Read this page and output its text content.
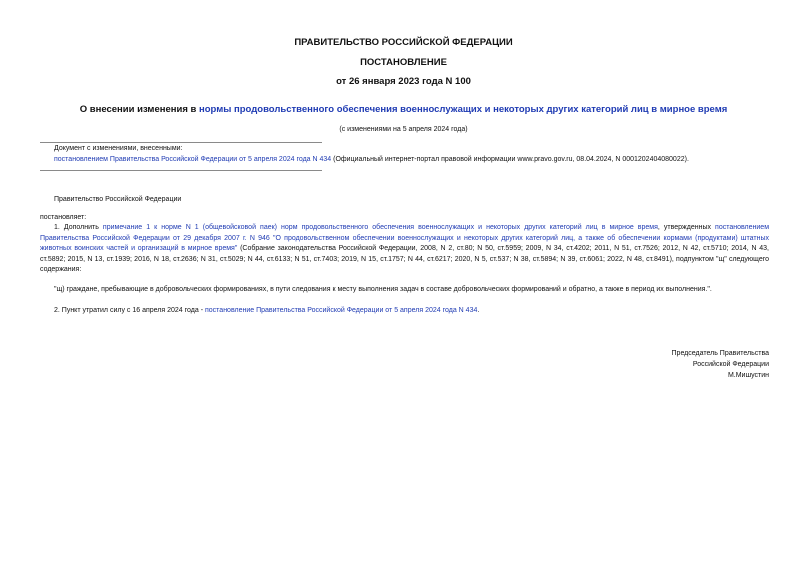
ПРАВИТЕЛЬСТВО РОССИЙСКОЙ ФЕДЕРАЦИИ
ПОСТАНОВЛЕНИЕ
от 26 января 2023 года N 100
О внесении изменения в нормы продовольственного обеспечения военнослужащих и некоторых других категорий лиц в мирное время
(с изменениями на 5 апреля 2024 года)

Документ с изменениями, внесенными:

постановлением Правительства Российской Федерации от 5 апреля 2024 года N 434 (Официальный интернет-портал правовой информации www.pravo.gov.ru, 08.04.2024, N 0001202404080022).

Правительство Российской Федерации
постановляет:
1. Дополнить примечание 1 к норме N 1 (общевойсковой паек) норм продовольственного обеспечения военнослужащих и некоторых других категорий лиц в мирное время, утвержденных постановлением Правительства Российской Федерации от 29 декабря 2007 г. N 946 "О продовольственном обеспечении военнослужащих и некоторых других категорий лиц, а также об обеспечении кормами (продуктами) штатных животных воинских частей и организаций в мирное время" (Собрание законодательства Российской Федерации, 2008, N 2, ст.80; N 50, ст.5959; 2009, N 34, ст.4202; 2011, N 51, ст.7526; 2012, N 42, ст.5710; 2014, N 43, ст.5892; 2015, N 13, ст.1939; 2016, N 18, ст.2636; N 31, ст.5029; N 44, ст.6133; N 51, ст.7403; 2019, N 15, ст.1757; N 44, ст.6217; 2020, N 5, ст.537; N 38, ст.5894; N 39, ст.6061; 2022, N 48, ст.8491), подпунктом "щ" следующего содержания:
"щ) граждане, пребывающие в добровольческих формированиях, в пути следования к месту выполнения задач в составе добровольческих формирований и обратно, а также в период их выполнения.".
2. Пункт утратил силу с 16 апреля 2024 года - постановление Правительства Российской Федерации от 5 апреля 2024 года N 434.
Председатель Правительства
Российской Федерации
М.Мишустин
